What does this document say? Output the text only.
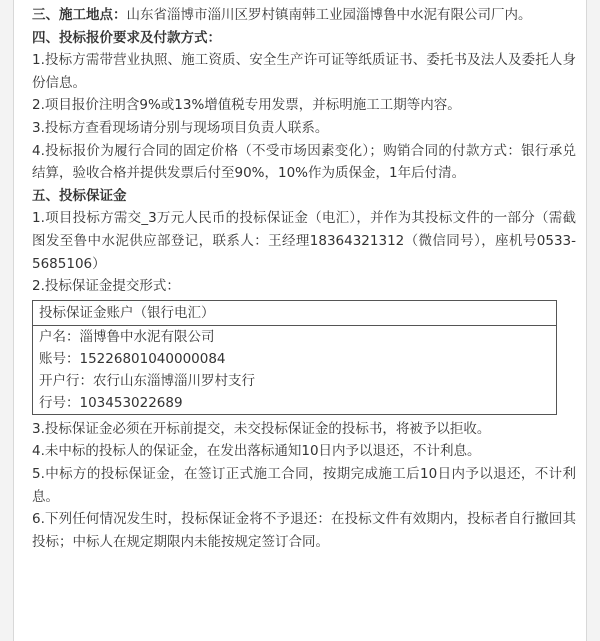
三、施工地点：山东省淄博市淄川区罗村镇南韩工业园淄博鲁中水泥有限公司厂内。

四、投标报价要求及付款方式：

1.投标方需带营业执照、施工资质、安全生产许可证等纸质证书、委托书及法人及委托人身份信息。

2.项目报价注明含9%或13%增值税专用发票，并标明施工工期等内容。

3.投标方查看现场请分别与现场项目负责人联系。

4.投标报价为履行合同的固定价格（不受市场因素变化）；购销合同的付款方式：银行承兑结算，验收合格并提供发票后付至90%，10%作为质保金，1年后付清。

五、投标保证金

1.项目投标方需交_3万元人民币的投标保证金（电汇），并作为其投标文件的一部分（需截图发至鲁中水泥供应部登记，联系人：王经理18364321312（微信同号），座机号0533-5685106）

2.投标保证金提交形式：

投标保证金账户（银行电汇）
户名：淄博鲁中水泥有限公司
账号：15226801040000084
开户行：农行山东淄博淄川罗村支行
行号：103453022689

3.投标保证金必须在开标前提交，未交投标保证金的投标书，将被予以拒收。

4.未中标的投标人的保证金，在发出落标通知10日内予以退还，不计利息。

5.中标方的投标保证金，在签订正式施工合同，按期完成施工后10日内予以退还，不计利息。

6.下列任何情况发生时，投标保证金将不予退还：在投标文件有效期内，投标者自行撤回其投标；中标人在规定期限内未能按规定签订合同。
